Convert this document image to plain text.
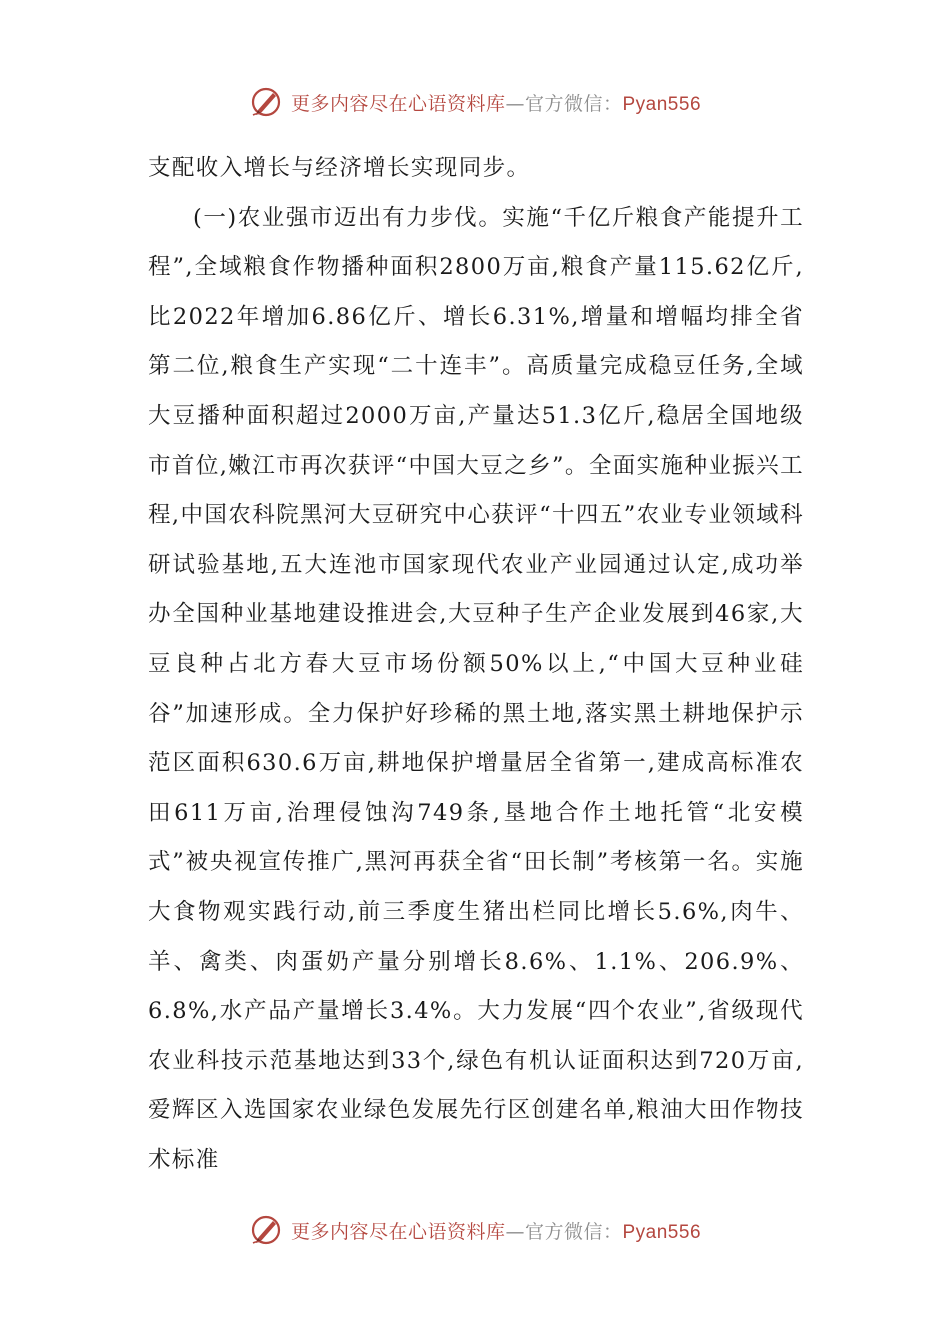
更多内容尽在心语资料库—官方微信：Pyan556

支配收入增长与经济增长实现同步。

(一)农业强市迈出有力步伐。实施“千亿斤粮食产能提升工程”,全域粮食作物播种面积2800万亩,粮食产量115.62亿斤,比2022年增加6.86亿斤、增长6.31%,增量和增幅均排全省第二位,粮食生产实现“二十连丰”。高质量完成稳豆任务,全域大豆播种面积超过2000万亩,产量达51.3亿斤,稳居全国地级市首位,嫩江市再次获评“中国大豆之乡”。全面实施种业振兴工程,中国农科院黑河大豆研究中心获评“十四五”农业专业领域科研试验基地,五大连池市国家现代农业产业园通过认定,成功举办全国种业基地建设推进会,大豆种子生产企业发展到46家,大豆良种占北方春大豆市场份额50%以上,“中国大豆种业硅谷”加速形成。全力保护好珍稀的黑土地,落实黑土耕地保护示范区面积630.6万亩,耕地保护增量居全省第一,建成高标准农田611万亩,治理侵蚀沟749条,垦地合作土地托管“北安模式”被央视宣传推广,黑河再获全省“田长制”考核第一名。实施大食物观实践行动,前三季度生猪出栏同比增长5.6%,肉牛、羊、禽类、肉蛋奶产量分别增长8.6%、1.1%、206.9%、6.8%,水产品产量增长3.4%。大力发展“四个农业”,省级现代农业科技示范基地达到33个,绿色有机认证面积达到720万亩,爱辉区入选国家农业绿色发展先行区创建名单,粮油大田作物技术标准

更多内容尽在心语资料库—官方微信：Pyan556
